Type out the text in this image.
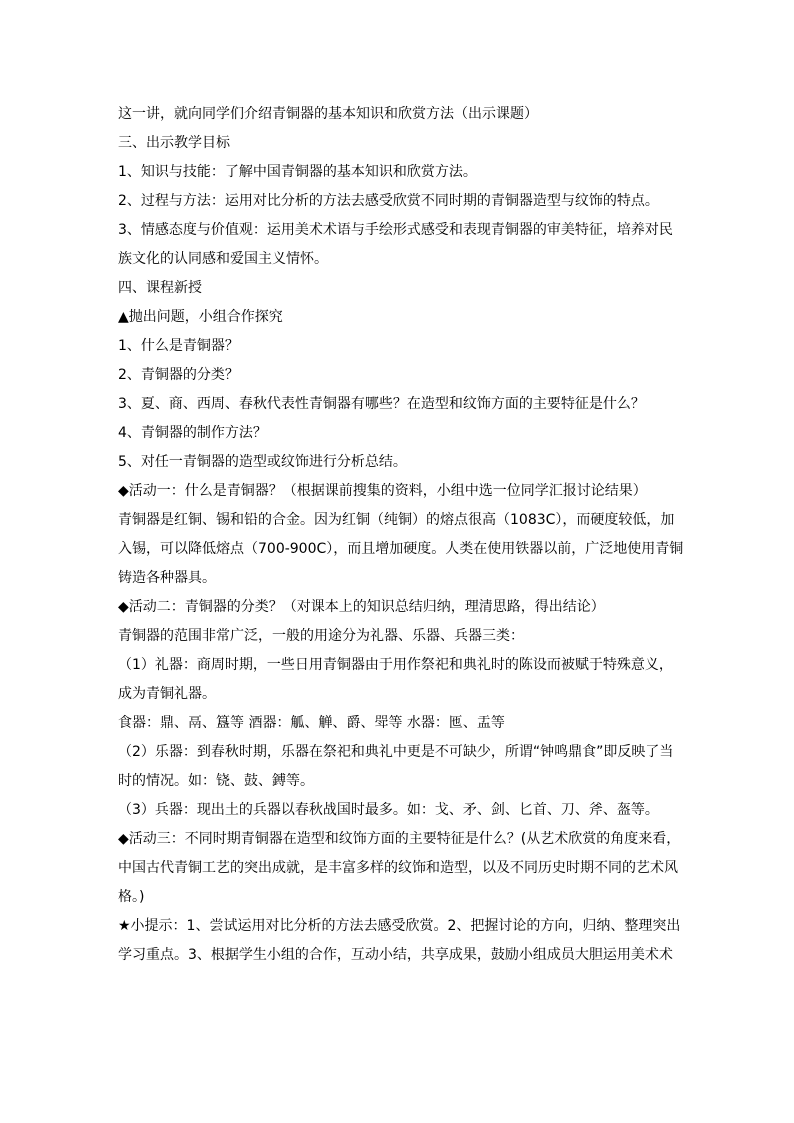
这一讲，就向同学们介绍青铜器的基本知识和欣赏方法（出示课题）
三、出示教学目标
1、知识与技能：了解中国青铜器的基本知识和欣赏方法。
2、过程与方法：运用对比分析的方法去感受欣赏不同时期的青铜器造型与纹饰的特点。
3、情感态度与价值观：运用美术术语与手绘形式感受和表现青铜器的审美特征，培养对民
族文化的认同感和爱国主义情怀。
四、课程新授
▲抛出问题，小组合作探究
1、什么是青铜器？
2、青铜器的分类？
3、夏、商、西周、春秋代表性青铜器有哪些？在造型和纹饰方面的主要特征是什么？
4、青铜器的制作方法？
5、对任一青铜器的造型或纹饰进行分析总结。
◆活动一：什么是青铜器？（根据课前搜集的资料，小组中选一位同学汇报讨论结果）
青铜器是红铜、锡和铅的合金。因为红铜（纯铜）的熔点很高（1083C），而硬度较低，加
入锡，可以降低熔点（700-900C），而且增加硬度。人类在使用铁器以前，广泛地使用青铜
铸造各种器具。
◆活动二：青铜器的分类？（对课本上的知识总结归纳，理清思路，得出结论）
青铜器的范围非常广泛，一般的用途分为礼器、乐器、兵器三类：
（1）礼器：商周时期，一些日用青铜器由于用作祭祀和典礼时的陈设而被赋于特殊意义，
成为青铜礼器。
食器：鼎、鬲、簋等 酒器：觚、觯、爵、斝等 水器：匜、盂等
（2）乐器：到春秋时期，乐器在祭祀和典礼中更是不可缺少，所谓“钟鸣鼎食”即反映了当
时的情况。如：铙、鼓、鎛等。
（3）兵器：现出土的兵器以春秋战国时最多。如：戈、矛、剑、匕首、刀、斧、盔等。
◆活动三：不同时期青铜器在造型和纹饰方面的主要特征是什么？(从艺术欣赏的角度来看，
中国古代青铜工艺的突出成就，是丰富多样的纹饰和造型，以及不同历史时期不同的艺术风
格。)
★小提示：1、尝试运用对比分析的方法去感受欣赏。2、把握讨论的方向，归纳、整理突出
学习重点。3、根据学生小组的合作，互动小结，共享成果，鼓励小组成员大胆运用美术术
